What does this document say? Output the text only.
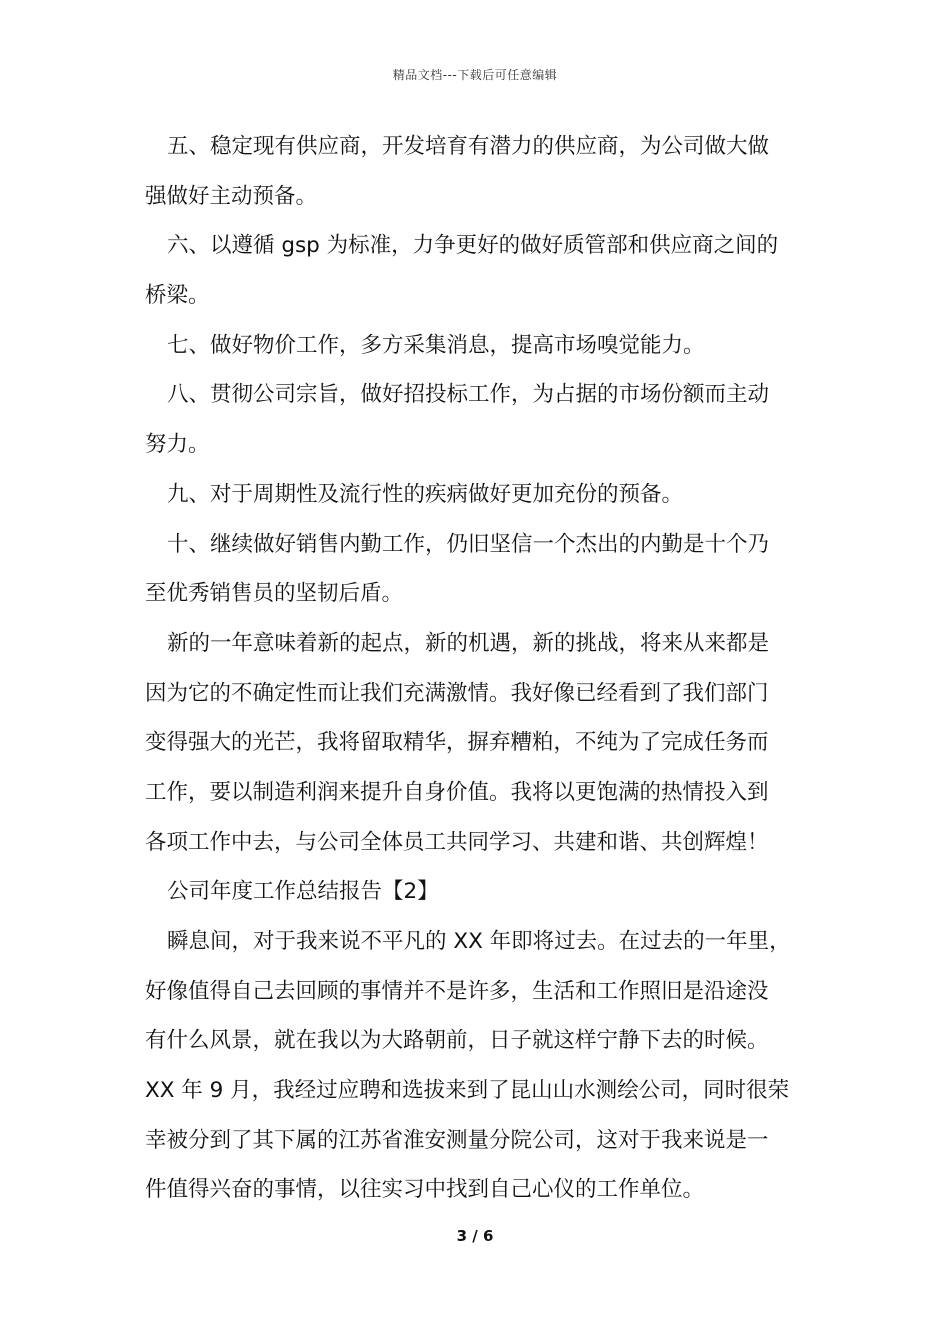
精品文档---下载后可任意编辑
五、稳定现有供应商，开发培育有潜力的供应商，为公司做大做
强做好主动预备。
六、以遵循 gsp 为标准，力争更好的做好质管部和供应商之间的
桥梁。
七、做好物价工作，多方采集消息，提高市场嗅觉能力。
八、贯彻公司宗旨，做好招投标工作，为占据的市场份额而主动
努力。
九、对于周期性及流行性的疾病做好更加充份的预备。
十、继续做好销售内勤工作，仍旧坚信一个杰出的内勤是十个乃
至优秀销售员的坚韧后盾。
新的一年意味着新的起点，新的机遇，新的挑战，将来从来都是
因为它的不确定性而让我们充满激情。我好像已经看到了我们部门
变得强大的光芒，我将留取精华，摒弃糟粕，不纯为了完成任务而
工作，要以制造利润来提升自身价值。我将以更饱满的热情投入到
各项工作中去，与公司全体员工共同学习、共建和谐、共创辉煌！
公司年度工作总结报告【2】
瞬息间，对于我来说不平凡的 XX 年即将过去。在过去的一年里，
好像值得自己去回顾的事情并不是许多，生活和工作照旧是沿途没
有什么风景，就在我以为大路朝前，日子就这样宁静下去的时候。
XX 年 9 月，我经过应聘和选拔来到了昆山山水测绘公司，同时很荣
幸被分到了其下属的江苏省淮安测量分院公司，这对于我来说是一
件值得兴奋的事情，以往实习中找到自己心仪的工作单位。
3 / 6
